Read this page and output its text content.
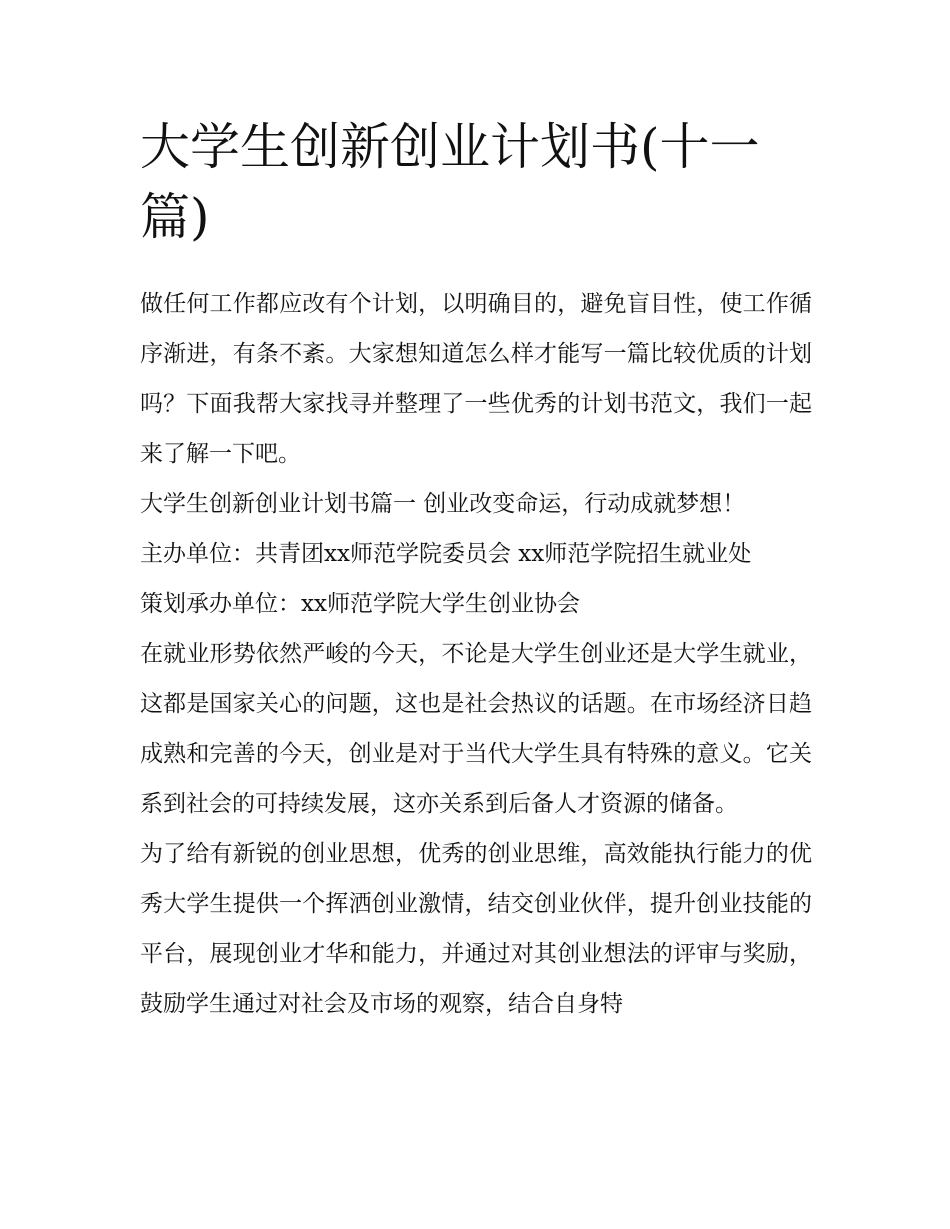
大学生创新创业计划书(十一篇)

做任何工作都应改有个计划，以明确目的，避免盲目性，使工作循序渐进，有条不紊。大家想知道怎么样才能写一篇比较优质的计划吗？下面我帮大家找寻并整理了一些优秀的计划书范文，我们一起来了解一下吧。

大学生创新创业计划书篇一 创业改变命运，行动成就梦想！

主办单位：共青团xx师范学院委员会 xx师范学院招生就业处

策划承办单位：xx师范学院大学生创业协会

在就业形势依然严峻的今天，不论是大学生创业还是大学生就业，这都是国家关心的问题，这也是社会热议的话题。在市场经济日趋成熟和完善的今天，创业是对于当代大学生具有特殊的意义。它关系到社会的可持续发展，这亦关系到后备人才资源的储备。

为了给有新锐的创业思想，优秀的创业思维，高效能执行能力的优秀大学生提供一个挥洒创业激情，结交创业伙伴，提升创业技能的平台，展现创业才华和能力，并通过对其创业想法的评审与奖励，鼓励学生通过对社会及市场的观察，结合自身特
